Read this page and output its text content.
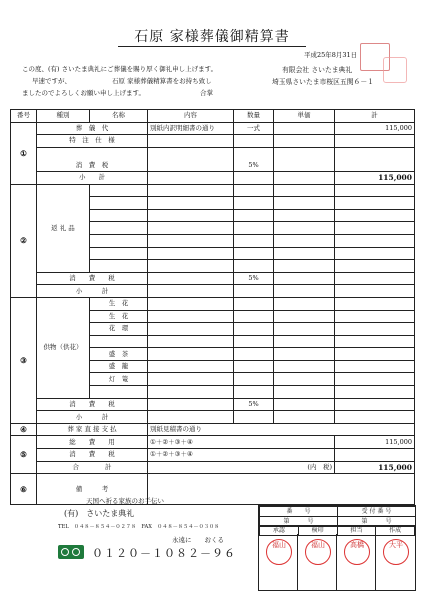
石原 家様葬儀御精算書
平成25年8月31日
この度、(有) さいたま典礼にご葬儀を賜り厚く御礼申し上げます。
早速ですが、	石原 家様葬儀精算書をお持ち致し
ましたのでよろしくお願い申し上げます。	合掌
有限会社 さいたま典礼
埼玉県さいたま市桜区五関６－１
番号	種別	名称	内容	数量	単価	計
①	葬　儀　代		別紙内訳明細書の通り	一式		115,000
	特　注　仕　様					

	消　費　税			5%		
	小　　計					115,000
②	返 礼 品					

	消　　費　　税			5%		
	小　　　計					
③	供物（供花）	生　花				
		生　花				
		花　環				

		盛　茶				
		盛　籠				
		灯　篭				

	消　　費　　税			5%		
	小　　　計					
④	葬 家 直 接 支 払		別紙見積書の通り			
⑤	総　　費　　用		①＋②＋③＋④			115,000
	消　　費　　税		①＋②＋③＋④			
	合　　　　計		(内　税)			115,000
⑥	備　　　考					
天国へ祈る家族のお手伝い
(有)　さいたま典礼
TEL　０４８－８５４－０２７８　FAX　０４８－８５４－０３０８
永遠に　　おくる
０１２０－１０８２－９６
番　　号	受 付 番 号
第　　　号	第　　　号
承認	検印	担当	作成
福山	福山	高橋	大平
